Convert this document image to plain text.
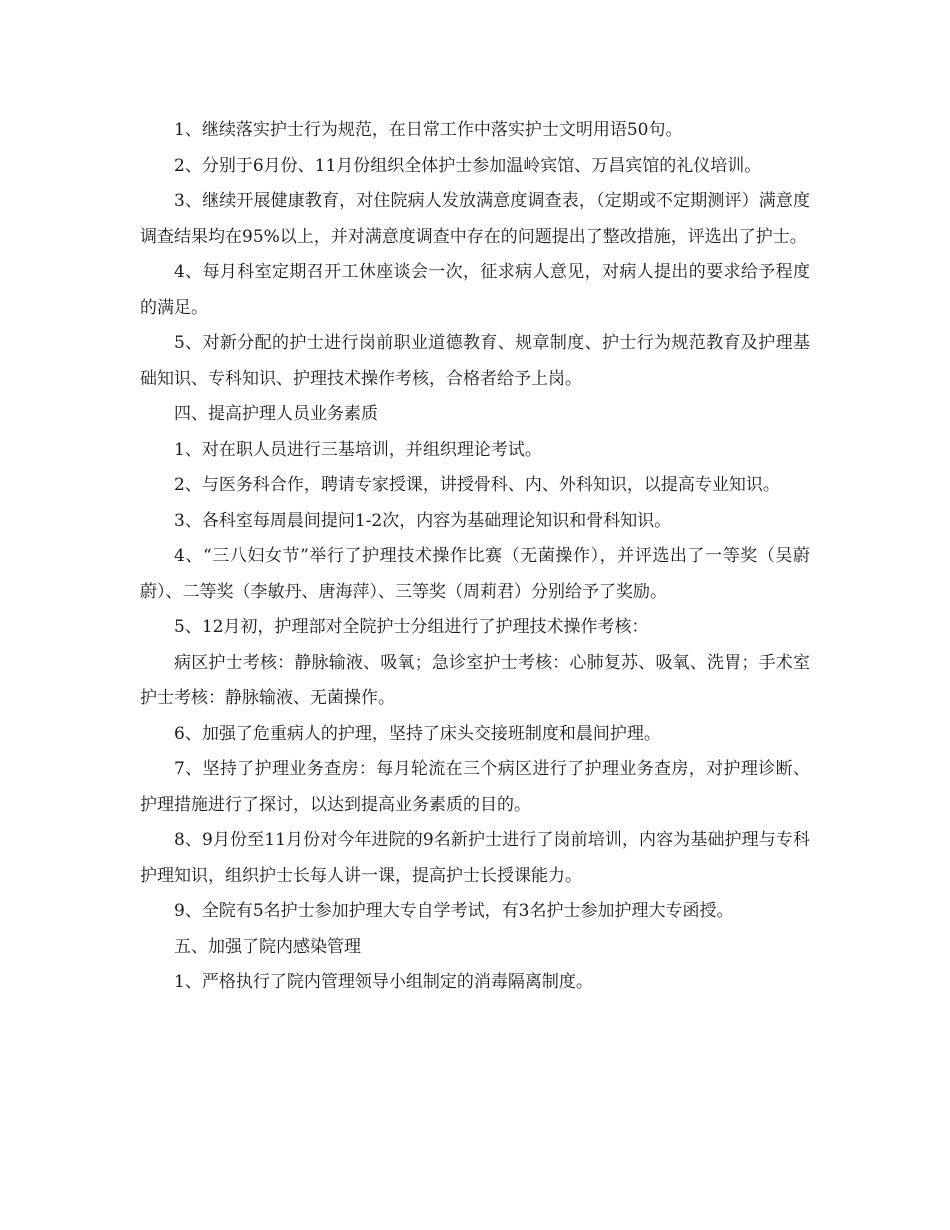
1、继续落实护士行为规范，在日常工作中落实护士文明用语50句。

2、分别于6月份、11月份组织全体护士参加温岭宾馆、万昌宾馆的礼仪培训。

3、继续开展健康教育，对住院病人发放满意度调查表，（定期或不定期测评）满意度调查结果均在95%以上，并对满意度调查中存在的问题提出了整改措施，评选出了护士。

4、每月科室定期召开工休座谈会一次，征求病人意见，对病人提出的要求给予程度的满足。

5、对新分配的护士进行岗前职业道德教育、规章制度、护士行为规范教育及护理基础知识、专科知识、护理技术操作考核，合格者给予上岗。

四、提高护理人员业务素质

1、对在职人员进行三基培训，并组织理论考试。

2、与医务科合作，聘请专家授课，讲授骨科、内、外科知识，以提高专业知识。

3、各科室每周晨间提问1-2次，内容为基础理论知识和骨科知识。

4、“三八妇女节”举行了护理技术操作比赛（无菌操作），并评选出了一等奖（吴蔚蔚）、二等奖（李敏丹、唐海萍）、三等奖（周莉君）分别给予了奖励。

5、12月初，护理部对全院护士分组进行了护理技术操作考核：

病区护士考核：静脉输液、吸氧；急诊室护士考核：心肺复苏、吸氧、洗胃；手术室护士考核：静脉输液、无菌操作。

6、加强了危重病人的护理，坚持了床头交接班制度和晨间护理。

7、坚持了护理业务查房：每月轮流在三个病区进行了护理业务查房，对护理诊断、护理措施进行了探讨，以达到提高业务素质的目的。

8、9月份至11月份对今年进院的9名新护士进行了岗前培训，内容为基础护理与专科护理知识，组织护士长每人讲一课，提高护士长授课能力。

9、全院有5名护士参加护理大专自学考试，有3名护士参加护理大专函授。

五、加强了院内感染管理

1、严格执行了院内管理领导小组制定的消毒隔离制度。
